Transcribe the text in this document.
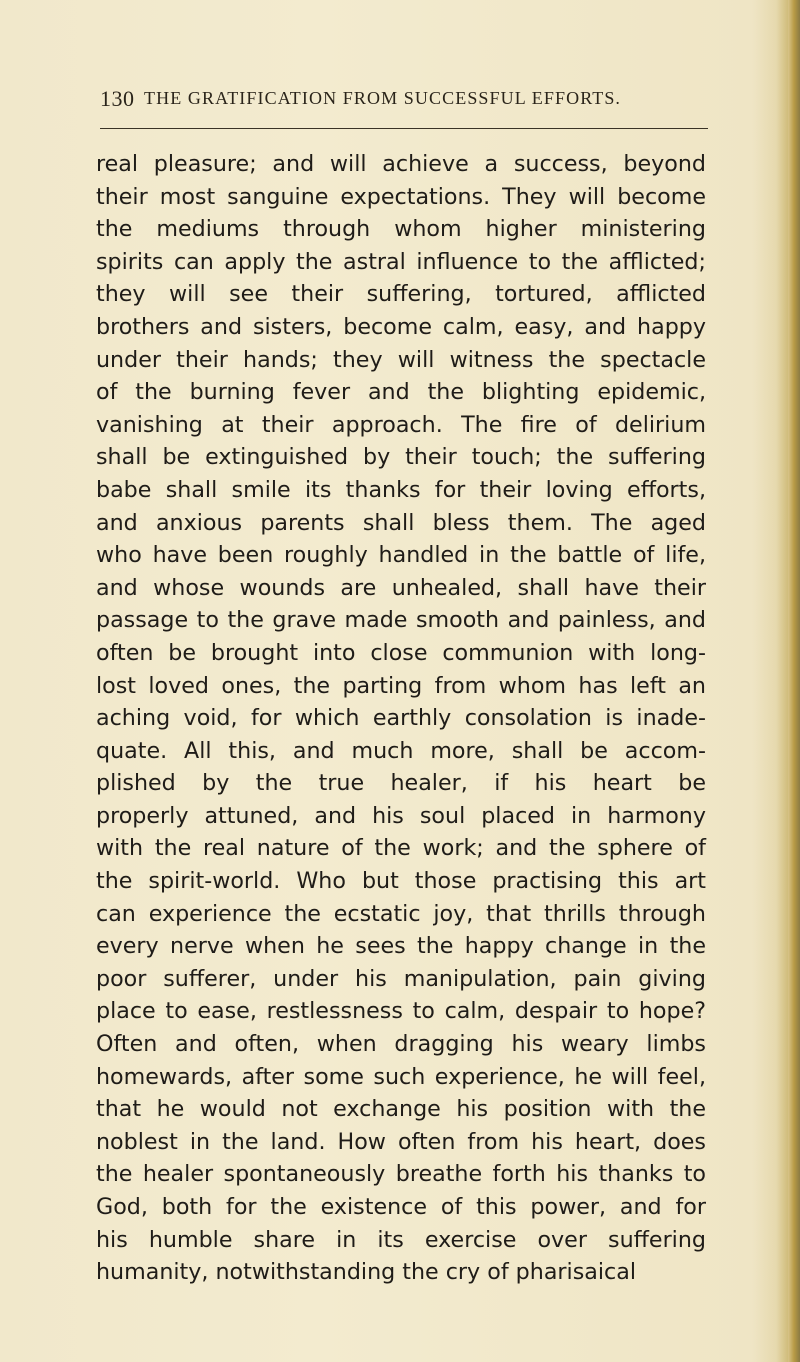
130 THE GRATIFICATION FROM SUCCESSFUL EFFORTS.
real pleasure; and will achieve a success, beyond
their most sanguine expectations. They will become
the mediums through whom higher ministering
spirits can apply the astral influence to the afflicted;
they will see their suffering, tortured, afflicted
brothers and sisters, become calm, easy, and happy
under their hands; they will witness the spectacle
of the burning fever and the blighting epidemic,
vanishing at their approach. The fire of delirium
shall be extinguished by their touch; the suffering
babe shall smile its thanks for their loving efforts,
and anxious parents shall bless them. The aged
who have been roughly handled in the battle of life,
and whose wounds are unhealed, shall have their
passage to the grave made smooth and painless, and
often be brought into close communion with long-
lost loved ones, the parting from whom has left an
aching void, for which earthly consolation is inade-
quate. All this, and much more, shall be accom-
plished by the true healer, if his heart be
properly attuned, and his soul placed in harmony
with the real nature of the work; and the sphere of
the spirit-world. Who but those practising this art
can experience the ecstatic joy, that thrills through
every nerve when he sees the happy change in the
poor sufferer, under his manipulation, pain giving
place to ease, restlessness to calm, despair to hope?
Often and often, when dragging his weary limbs
homewards, after some such experience, he will feel,
that he would not exchange his position with the
noblest in the land. How often from his heart, does
the healer spontaneously breathe forth his thanks to
God, both for the existence of this power, and for
his humble share in its exercise over suffering
humanity, notwithstanding the cry of pharisaical
